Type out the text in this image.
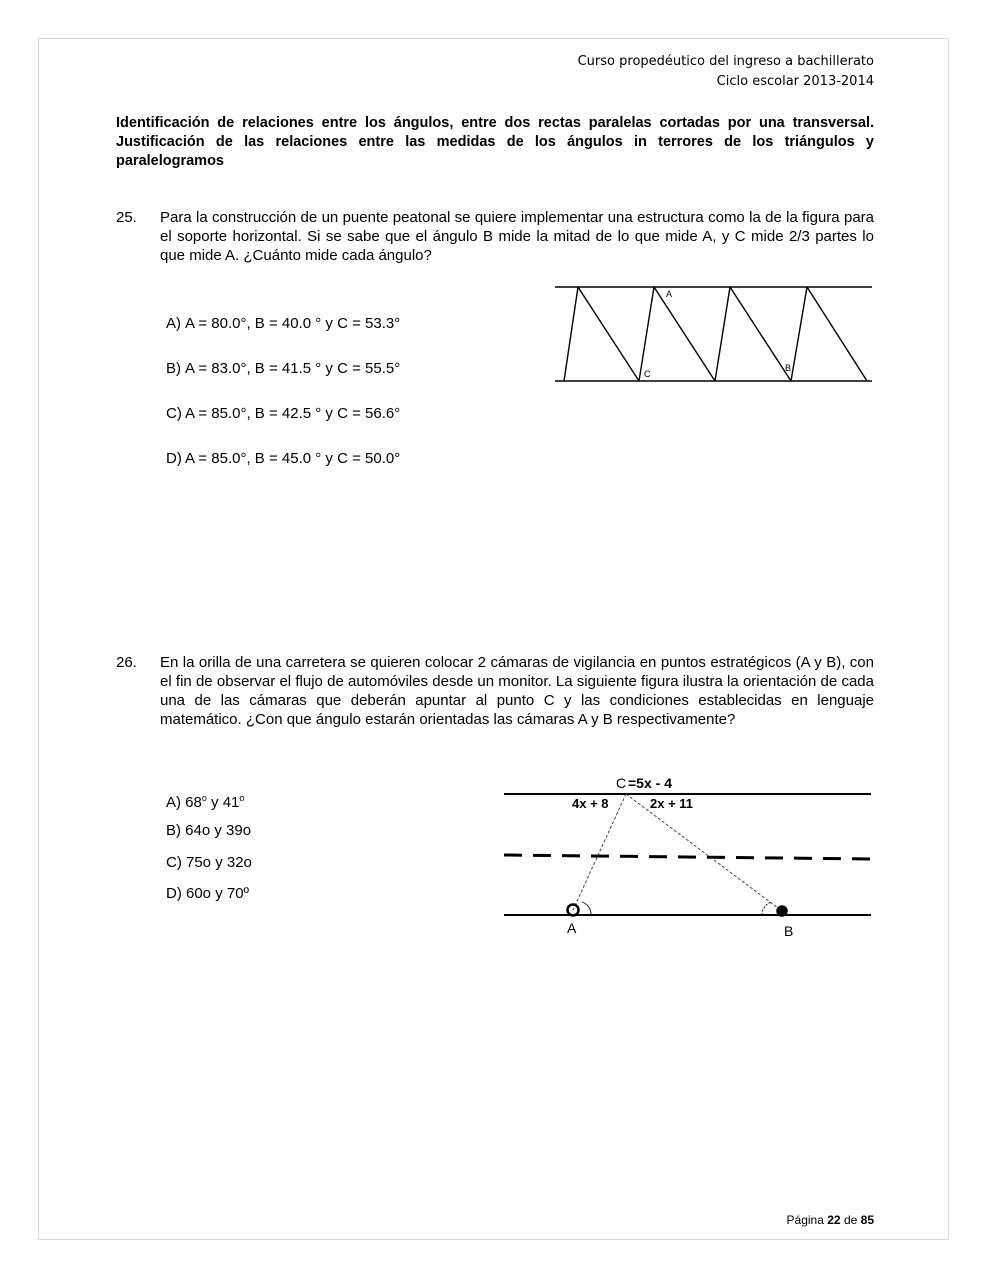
Curso propedéutico del ingreso a bachillerato
Ciclo escolar 2013-2014
Identificación de relaciones entre los ángulos, entre dos rectas paralelas cortadas por una transversal. Justificación de las relaciones entre las medidas de los ángulos in terrores de los triángulos y paralelogramos
25. Para la construcción de un puente peatonal se quiere implementar una estructura como la de la figura para el soporte horizontal. Si se sabe que el ángulo B mide la mitad de lo que mide A, y C mide 2/3 partes lo que mide A. ¿Cuánto mide cada ángulo?
A) A = 80.0°, B = 40.0 ° y C = 53.3°
B) A = 83.0°, B = 41.5 ° y C = 55.5°
C) A = 85.0°, B = 42.5 ° y C = 56.6°
D) A = 85.0°, B = 45.0 ° y C = 50.0°
A
C
B
26. En la orilla de una carretera se quieren colocar 2 cámaras de vigilancia en puntos estratégicos (A y B), con el fin de observar el flujo de automóviles desde un monitor. La siguiente figura ilustra la orientación de cada una de las cámaras que deberán apuntar al punto C y las condiciones establecidas en lenguaje matemático. ¿Con que ángulo estarán orientadas las cámaras A y B respectivamente?
A) 68$^o$ y 41$^o$
B) 64o y 39o
C) 75o y 32o
D) 60o y 70º
C =5x - 4
4x + 8	2x + 11
A	B
Página 22 de 85
